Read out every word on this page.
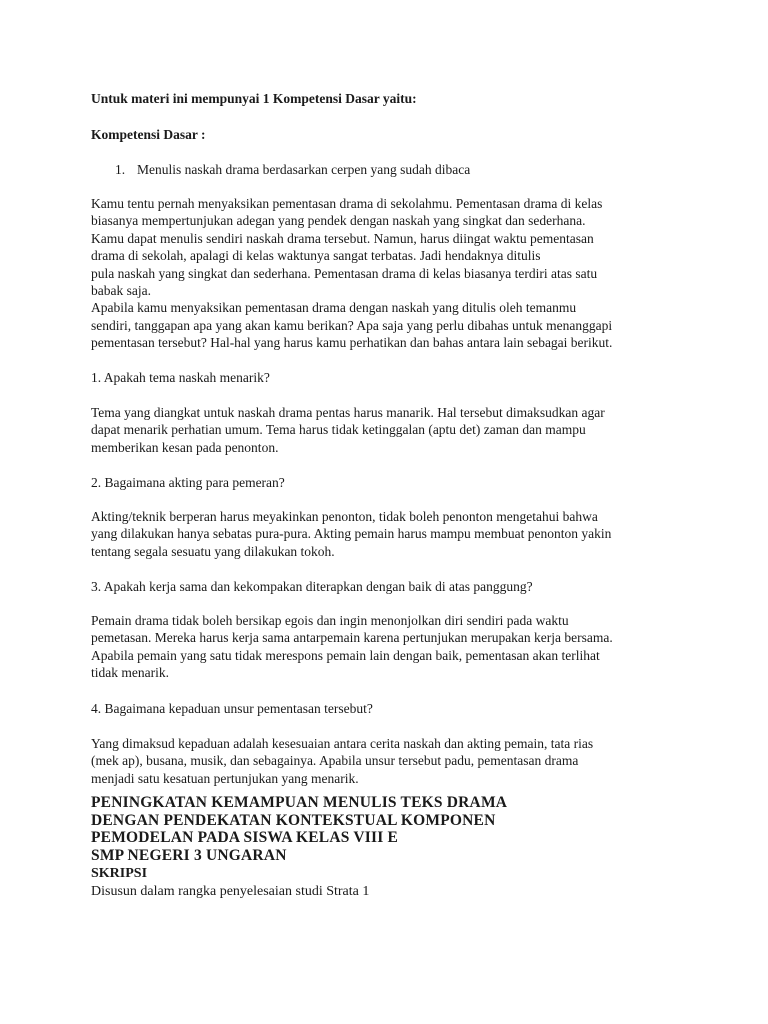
Untuk materi ini mempunyai 1 Kompetensi Dasar yaitu:

Kompetensi Dasar :

1. Menulis naskah drama berdasarkan cerpen yang sudah dibaca
Kamu tentu pernah menyaksikan pementasan drama di sekolahmu. Pementasan drama di kelas
biasanya mempertunjukan adegan yang pendek dengan naskah yang singkat dan sederhana.
Kamu dapat menulis sendiri naskah drama tersebut. Namun, harus diingat waktu pementasan
drama di sekolah, apalagi di kelas waktunya sangat terbatas. Jadi hendaknya ditulis
pula naskah yang singkat dan sederhana. Pementasan drama di kelas biasanya terdiri atas satu
babak saja.
Apabila kamu menyaksikan pementasan drama dengan naskah yang ditulis oleh temanmu
sendiri, tanggapan apa yang akan kamu berikan? Apa saja yang perlu dibahas untuk menanggapi
pementasan tersebut? Hal-hal yang harus kamu perhatikan dan bahas antara lain sebagai berikut.

1. Apakah tema naskah menarik?

Tema yang diangkat untuk naskah drama pentas harus manarik. Hal tersebut dimaksudkan agar
dapat menarik perhatian umum. Tema harus tidak ketinggalan (aptu det) zaman dan mampu
memberikan kesan pada penonton.

2. Bagaimana akting para pemeran?

Akting/teknik berperan harus meyakinkan penonton, tidak boleh penonton mengetahui bahwa
yang dilakukan hanya sebatas pura-pura. Akting pemain harus mampu membuat penonton yakin
tentang segala sesuatu yang dilakukan tokoh.

3. Apakah kerja sama dan kekompakan diterapkan dengan baik di atas panggung?

Pemain drama tidak boleh bersikap egois dan ingin menonjolkan diri sendiri pada waktu
pemetasan. Mereka harus kerja sama antarpemain karena pertunjukan merupakan kerja bersama.
Apabila pemain yang satu tidak merespons pemain lain dengan baik, pementasan akan terlihat
tidak menarik.

4. Bagaimana kepaduan unsur pementasan tersebut?

Yang dimaksud kepaduan adalah kesesuaian antara cerita naskah dan akting pemain, tata rias
(mek ap), busana, musik, dan sebagainya. Apabila unsur tersebut padu, pementasan drama
menjadi satu kesatuan pertunjukan yang menarik.
PENINGKATAN KEMAMPUAN MENULIS TEKS DRAMA
DENGAN PENDEKATAN KONTEKSTUAL KOMPONEN
PEMODELAN PADA SISWA KELAS VIII E
SMP NEGERI 3 UNGARAN

SKRIPSI

Disusun dalam rangka penyelesaian studi Strata 1
